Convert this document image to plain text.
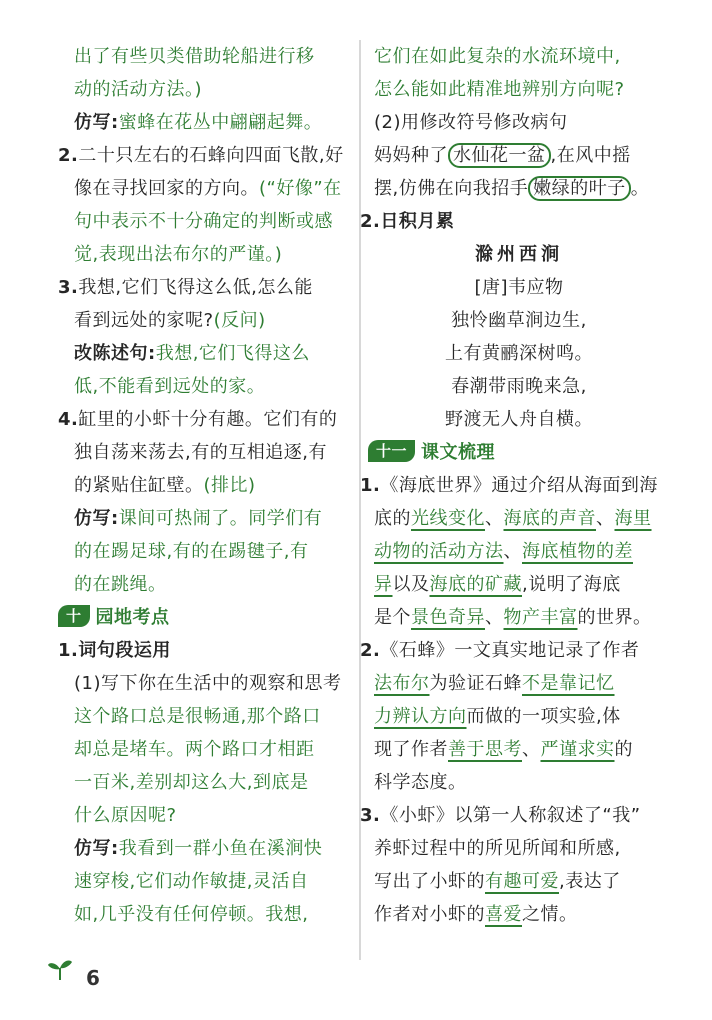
出了有些贝类借助轮船进行移
动的活动方法。)
仿写:蜜蜂在花丛中翩翩起舞。
2.二十只左右的石蜂向四面飞散,好
像在寻找回家的方向。(“好像”在
句中表示不十分确定的判断或感
觉,表现出法布尔的严谨。)
3.我想,它们飞得这么低,怎么能
看到远处的家呢?(反问)
改陈述句:我想,它们飞得这么
低,不能看到远处的家。
4.缸里的小虾十分有趣。它们有的
独自荡来荡去,有的互相追逐,有
的紧贴住缸壁。(排比)
仿写:课间可热闹了。同学们有
的在踢足球,有的在踢毽子,有
的在跳绳。
十 园地考点
1.词句段运用
(1)写下你在生活中的观察和思考
这个路口总是很畅通,那个路口
却总是堵车。两个路口才相距
一百米,差别却这么大,到底是
什么原因呢?
仿写:我看到一群小鱼在溪涧快
速穿梭,它们动作敏捷,灵活自
如,几乎没有任何停顿。我想,
它们在如此复杂的水流环境中,
怎么能如此精准地辨别方向呢?
(2)用修改符号修改病句
妈妈种了 水仙花一盆 ,在风中摇
摆,仿佛在向我招手 嫩绿的叶子 。
2.日积月累
滁州西涧
[唐]韦应物
独怜幽草涧边生,
上有黄鹂深树鸣。
春潮带雨晚来急,
野渡无人舟自横。
十一 课文梳理
1.《海底世界》通过介绍从海面到海
底的光线变化、海底的声音、海里
动物的活动方法、海底植物的差
异以及海底的矿藏,说明了海底
是个景色奇异、物产丰富的世界。
2.《石蜂》一文真实地记录了作者
法布尔为验证石蜂不是靠记忆
力辨认方向而做的一项实验,体
现了作者善于思考、严谨求实的
科学态度。
3.《小虾》以第一人称叙述了“我”
养虾过程中的所见所闻和所感,
写出了小虾的有趣可爱,表达了
作者对小虾的喜爱之情。
6
